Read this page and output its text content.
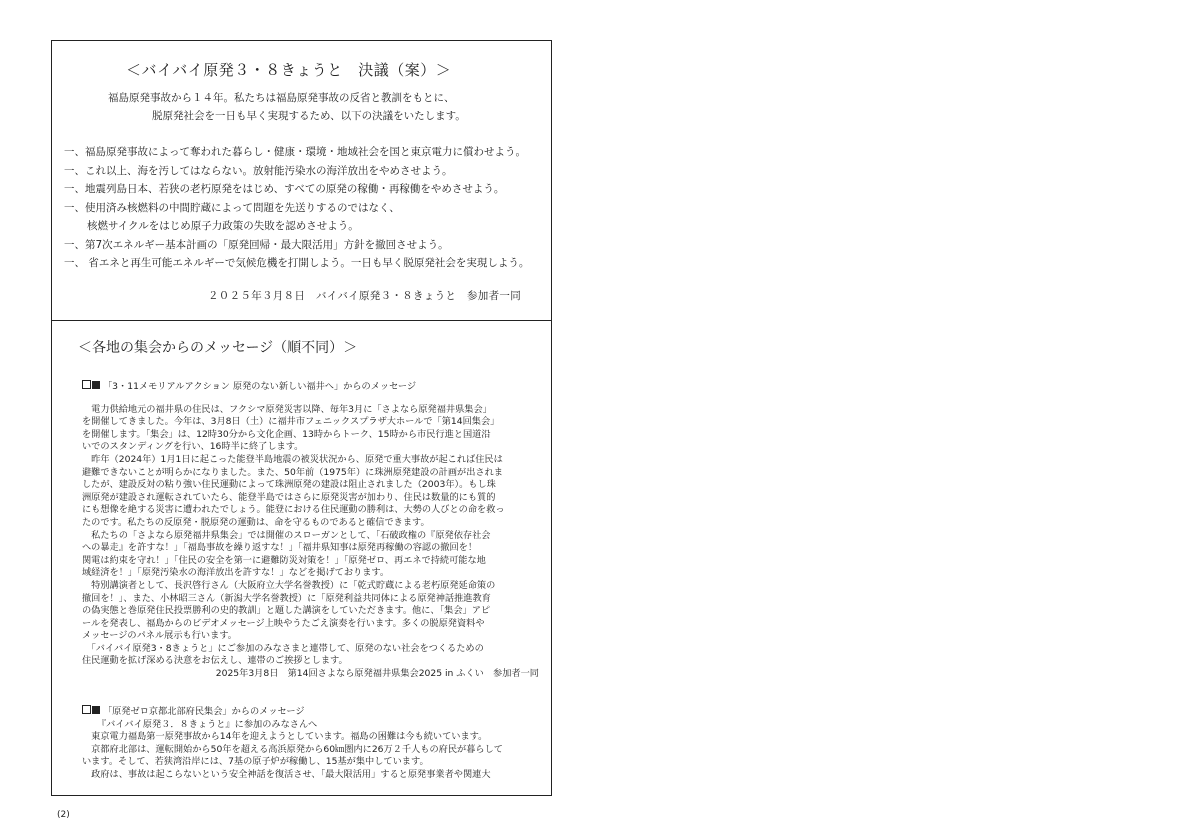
＜バイバイ原発３・８きょうと　決議（案）＞
福島原発事故から１４年。私たちは福島原発事故の反省と教訓をもとに、
脱原発社会を一日も早く実現するため、以下の決議をいたします。
一、福島原発事故によって奪われた暮らし・健康・環境・地域社会を国と東京電力に償わせよう。
一、これ以上、海を汚してはならない。放射能汚染水の海洋放出をやめさせよう。
一、地震列島日本、若狭の老朽原発をはじめ、すべての原発の稼働・再稼働をやめさせよう。
一、使用済み核燃料の中間貯蔵によって問題を先送りするのではなく、
核燃サイクルをはじめ原子力政策の失敗を認めさせよう。
一、第7次エネルギー基本計画の「原発回帰・最大限活用」方針を撤回させよう。
一、 省エネと再生可能エネルギーで気候危機を打開しよう。一日も早く脱原発社会を実現しよう。
２０２５年３月８日　バイバイ原発３・８きょうと　参加者一同
＜各地の集会からのメッセージ（順不同）＞
「3・11メモリアルアクション 原発のない新しい福井へ」からのメッセージ
　電力供給地元の福井県の住民は、フクシマ原発災害以降、毎年3月に「さよなら原発福井県集会」
を開催してきました。今年は、3月8日（土）に福井市フェニックスプラザ大ホールで「第14回集会」
を開催します。「集会」は、12時30分から文化企画、13時からトーク、15時から市民行進と国道沿
いでのスタンディングを行い、16時半に終了します。
　昨年（2024年）1月1日に起こった能登半島地震の被災状況から、原発で重大事故が起これば住民は
避難できないことが明らかになりました。また、50年前（1975年）に珠洲原発建設の計画が出されま
したが、建設反対の粘り強い住民運動によって珠洲原発の建設は阻止されました（2003年）。もし珠
洲原発が建設され運転されていたら、能登半島ではさらに原発災害が加わり、住民は数量的にも質的
にも想像を絶する災害に遭われたでしょう。能登における住民運動の勝利は、大勢の人びとの命を救っ
たのです。私たちの反原発・脱原発の運動は、命を守るものであると確信できます。
　私たちの「さよなら原発福井県集会」では開催のスローガンとして、「石破政権の『原発依存社会
への暴走』を許すな！」「福島事故を繰り返すな！」「福井県知事は原発再稼働の容認の撤回を！
関電は約束を守れ！」「住民の安全を第一に避難防災対策を！」「原発ゼロ、再エネで持続可能な地
域経済を！」「原発汚染水の海洋放出を許すな！」などを掲げております。
　特別講演者として、長沢啓行さん（大阪府立大学名誉教授）に「乾式貯蔵による老朽原発延命策の
撤回を！」、また、小林昭三さん（新潟大学名誉教授）に「原発利益共同体による原発神話推進教育
の偽実態と巻原発住民投票勝利の史的教訓」と題した講演をしていただきます。他に、「集会」アピ
ールを発表し、福島からのビデオメッセージ上映やうたごえ演奏を行います。多くの脱原発資料や
メッセージのパネル展示も行います。
　「バイバイ原発3・8きょうと」にご参加のみなさまと連帯して、原発のない社会をつくるための
住民運動を拡げ深める決意をお伝えし、連帯のご挨拶とします。
2025年3月8日　第14回さよなら原発福井県集会2025 in ふくい　参加者一同
「原発ゼロ京都北部府民集会」からのメッセージ
『バイバイ原発３．８きょうと』に参加のみなさんへ
　東京電力福島第一原発事故から14年を迎えようとしています。福島の困難は今も続いています。
　京都府北部は、運転開始から50年を超える高浜原発から60㎞圏内に26万２千人もの府民が暮らして
います。そして、若狭湾沿岸には、7基の原子炉が稼働し、15基が集中しています。
　政府は、事故は起こらないという安全神話を復活させ、「最大限活用」すると原発事業者や関連大
(2)
